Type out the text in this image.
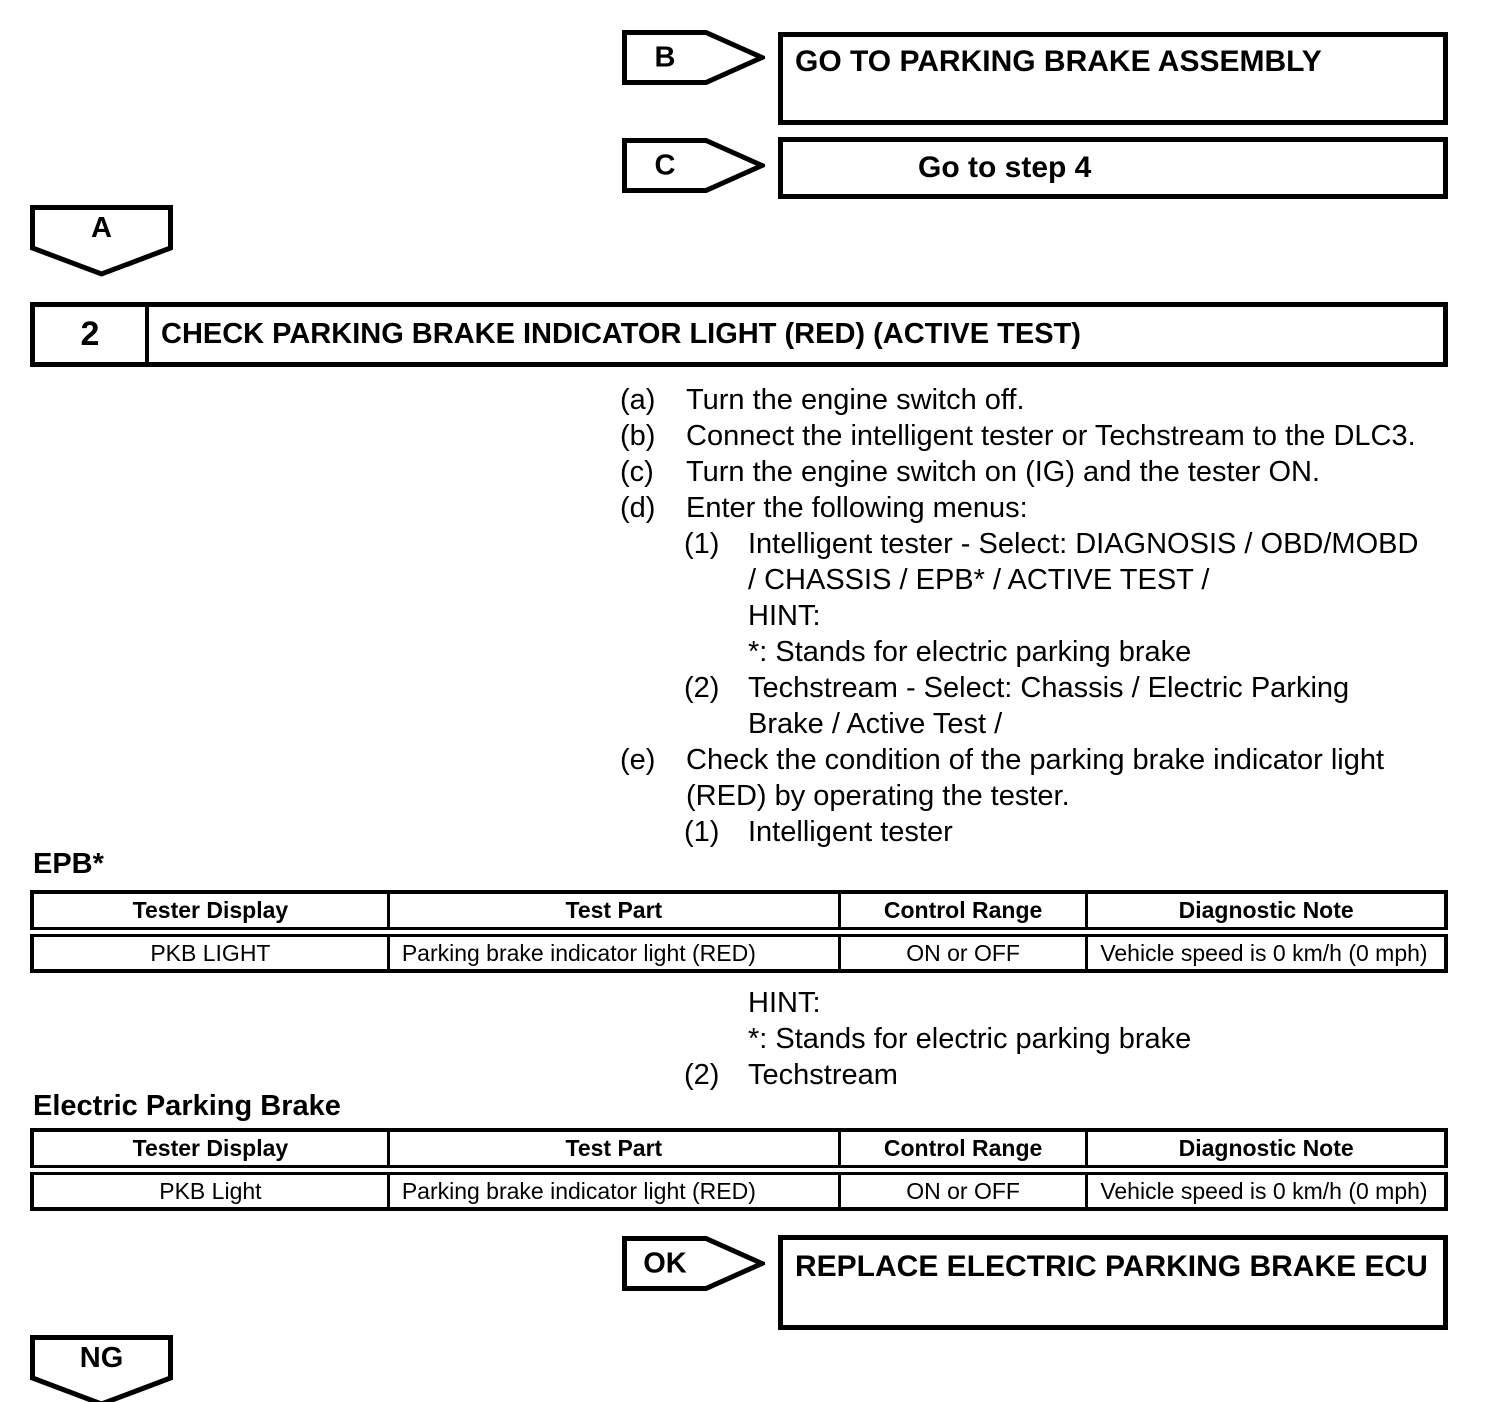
B	GO TO PARKING BRAKE ASSEMBLY
C	Go to step 4
A
2	CHECK PARKING BRAKE INDICATOR LIGHT (RED) (ACTIVE TEST)
(a)	Turn the engine switch off.
(b)	Connect the intelligent tester or Techstream to the DLC3.
(c)	Turn the engine switch on (IG) and the tester ON.
(d)	Enter the following menus:
(1) Intelligent tester - Select: DIAGNOSIS / OBD/MOBD
/ CHASSIS / EPB* / ACTIVE TEST /
HINT:
*: Stands for electric parking brake
(2) Techstream - Select: Chassis / Electric Parking
Brake / Active Test /
(e)	Check the condition of the parking brake indicator light
(RED) by operating the tester.
(1) Intelligent tester
EPB*
Tester Display	Test Part	Control Range	Diagnostic Note
PKB LIGHT	Parking brake indicator light (RED)	ON or OFF	Vehicle speed is 0 km/h (0 mph)
HINT:
*: Stands for electric parking brake
(2) Techstream
Electric Parking Brake
Tester Display	Test Part	Control Range	Diagnostic Note
PKB Light	Parking brake indicator light (RED)	ON or OFF	Vehicle speed is 0 km/h (0 mph)
OK	REPLACE ELECTRIC PARKING BRAKE ECU
NG
